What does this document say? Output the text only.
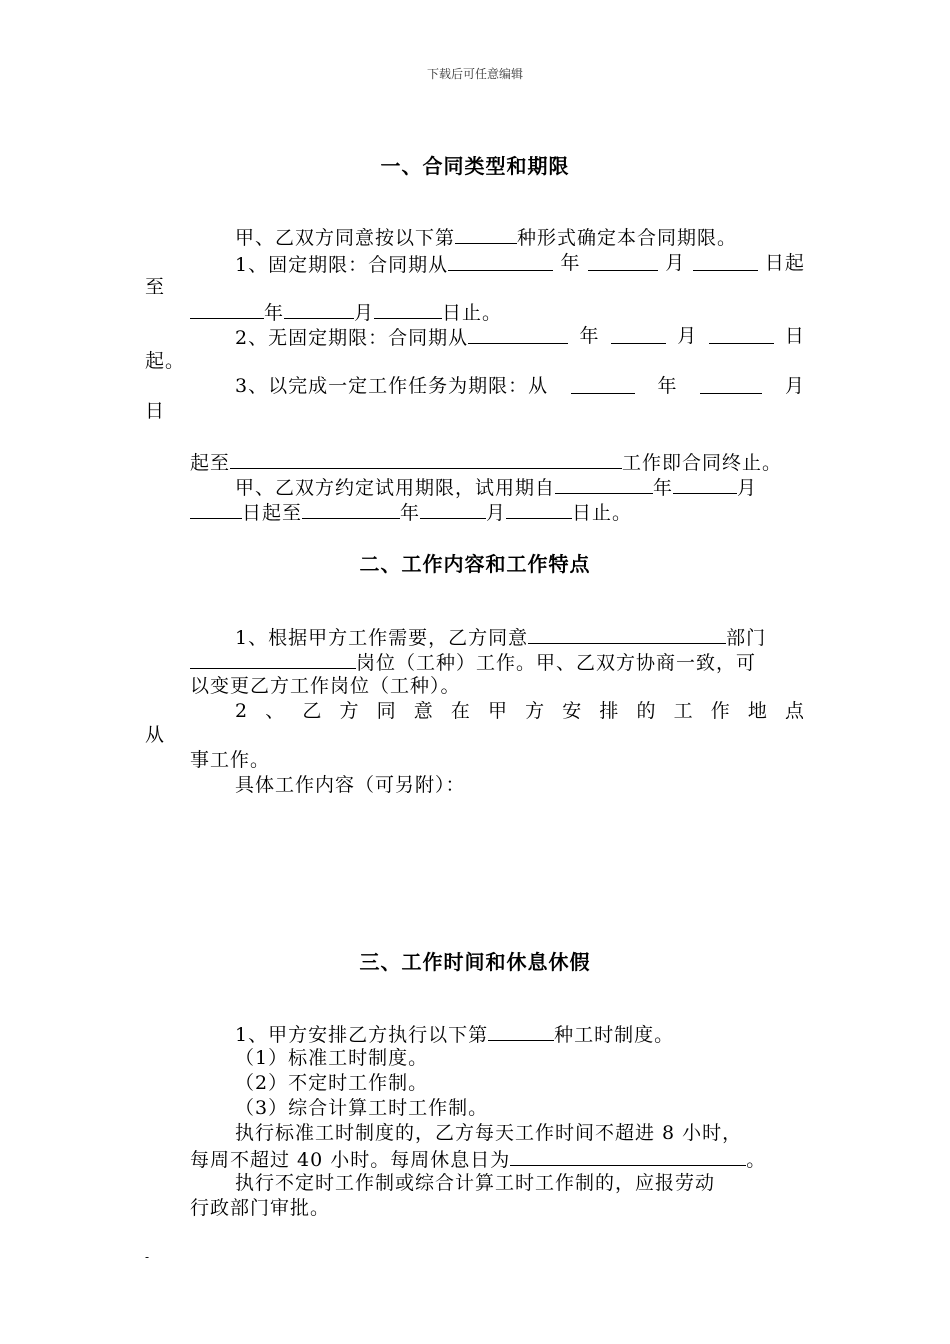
下载后可任意编辑
一、合同类型和期限
甲、乙双方同意按以下第	种形式确定本合同期限。
1、固定期限：合同期从	年	月	日起
至
年	月	日止。
2、无固定期限：合同期从	年	月	日
起。
3、以完成一定工作任务为期限：从	年	月
日
起至	工作即合同终止。
甲、乙双方约定试用期限，试用期自	年	月
日起至	年	月	日止。
二、工作内容和工作特点
1、根据甲方工作需要，乙方同意	部门
岗位（工种）工作。甲、乙双方协商一致，可
以变更乙方工作岗位（工种）。
2 、 乙 方 同 意 在 甲 方 安 排 的 工 作 地 点
从
事工作。
具体工作内容（可另附）：
三、工作时间和休息休假
1、甲方安排乙方执行以下第	种工时制度。
（1）标准工时制度。
（2）不定时工作制。
（3）综合计算工时工作制。
执行标准工时制度的，乙方每天工作时间不超进 8 小时，
每周不超过 40 小时。每周休息日为	。
执行不定时工作制或综合计算工时工作制的，应报劳动
行政部门审批。
-
